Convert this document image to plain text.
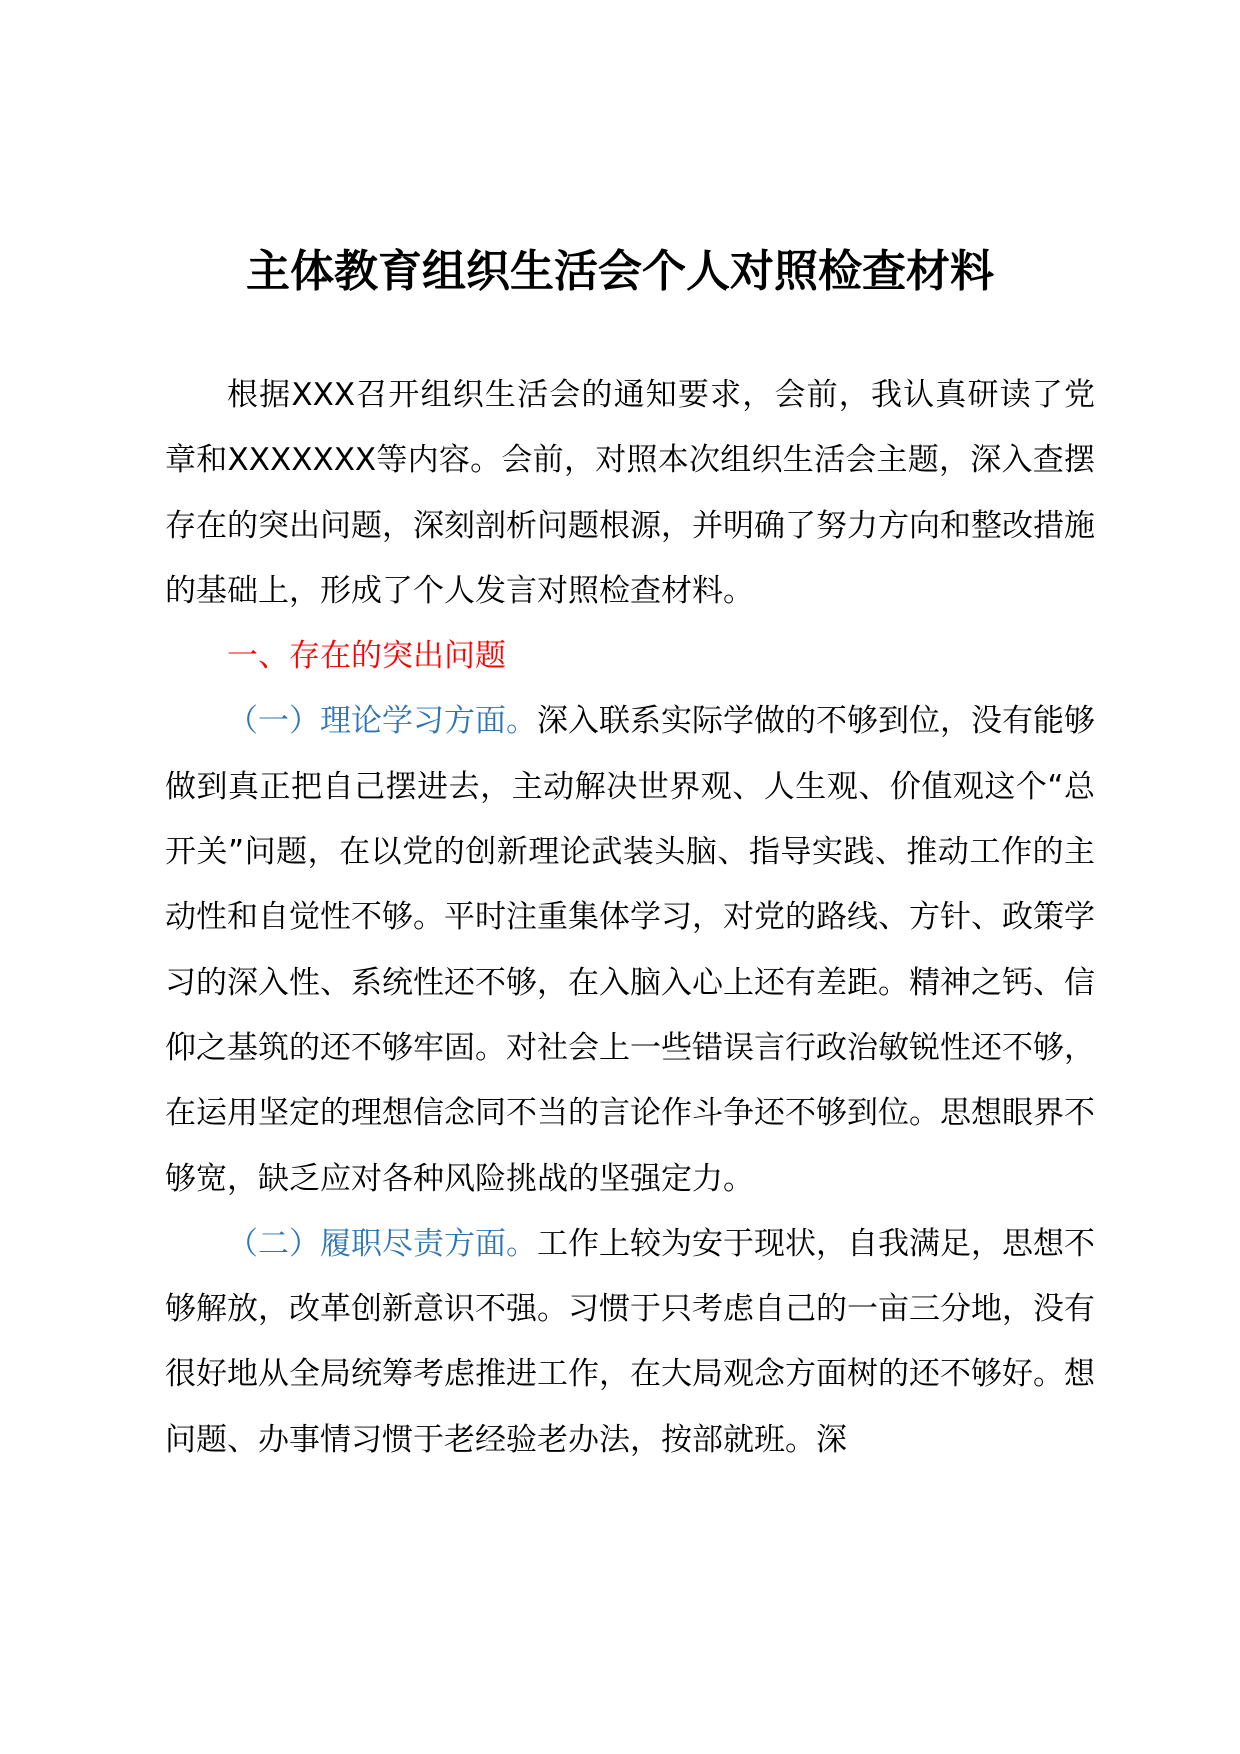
主体教育组织生活会个人对照检查材料

根据XXX召开组织生活会的通知要求，会前，我认真研读了党章和XXXXXXX等内容。会前，对照本次组织生活会主题，深入查摆存在的突出问题，深刻剖析问题根源，并明确了努力方向和整改措施的基础上，形成了个人发言对照检查材料。

一、存在的突出问题

（一）理论学习方面。深入联系实际学做的不够到位，没有能够做到真正把自己摆进去，主动解决世界观、人生观、价值观这个“总开关”问题，在以党的创新理论武装头脑、指导实践、推动工作的主动性和自觉性不够。平时注重集体学习，对党的路线、方针、政策学习的深入性、系统性还不够，在入脑入心上还有差距。精神之钙、信仰之基筑的还不够牢固。对社会上一些错误言行政治敏锐性还不够，在运用坚定的理想信念同不当的言论作斗争还不够到位。思想眼界不够宽，缺乏应对各种风险挑战的坚强定力。

（二）履职尽责方面。工作上较为安于现状，自我满足，思想不够解放，改革创新意识不强。习惯于只考虑自己的一亩三分地，没有很好地从全局统筹考虑推进工作，在大局观念方面树的还不够好。想问题、办事情习惯于老经验老办法，按部就班。深
